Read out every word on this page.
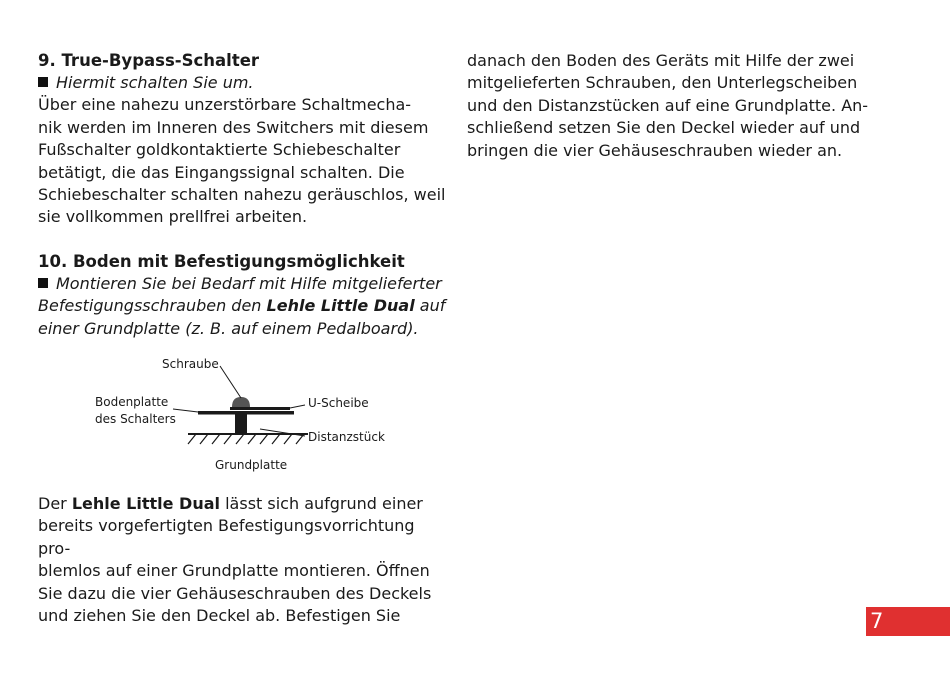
9. True-Bypass-Schalter

Hiermit schalten Sie um.

Über eine nahezu unzerstörbare Schaltmecha-

nik werden im Inneren des Switchers mit diesem

Fußschalter goldkontaktierte Schiebeschalter

betätigt, die das Eingangssignal schalten. Die

Schiebeschalter schalten nahezu geräuschlos, weil

sie vollkommen prellfrei arbeiten.

10. Boden mit Befestigungsmöglichkeit

Montieren Sie bei Bedarf mit Hilfe mitgelieferter

Befestigungsschrauben den Lehle Little Dual auf

einer Grundplatte (z. B. auf einem Pedalboard).

Schraube
Bodenplatte
des Schalters
U-Scheibe
Distanzstück
Grundplatte

Der Lehle Little Dual lässt sich aufgrund einer

bereits vorgefertigten Befestigungsvorrichtung pro-

blemlos auf einer Grundplatte montieren. Öffnen

Sie dazu die vier Gehäuseschrauben des Deckels

und ziehen Sie den Deckel ab. Befestigen Sie

danach den Boden des Geräts mit Hilfe der zwei

mitgelieferten Schrauben, den Unterlegscheiben

und den Distanzstücken auf eine Grundplatte. An-

schließend setzen Sie den Deckel wieder auf und

bringen die vier Gehäuseschrauben wieder an.

7
